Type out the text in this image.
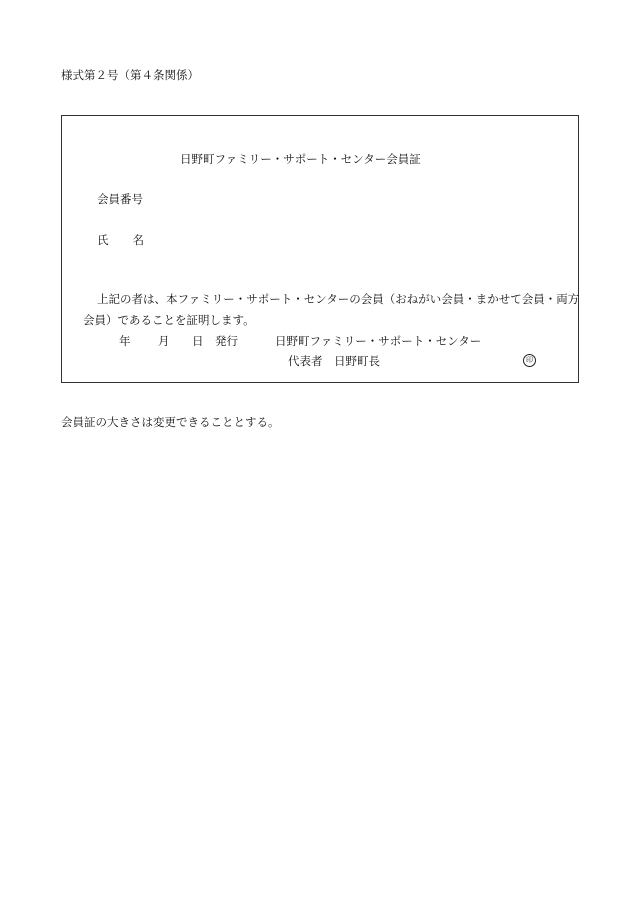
様式第２号（第４条関係）
日野町ファミリー・サポート・センター会員証
会員番号
氏 名
上記の者は、本ファミリー・サポート・センターの会員（おねがい会員・まかせて会員・両方
会員）であることを証明します。
年 月 日 発行	日野町ファミリー・サポート・センター
代表者 日野町長	印
会員証の大きさは変更できることとする。
